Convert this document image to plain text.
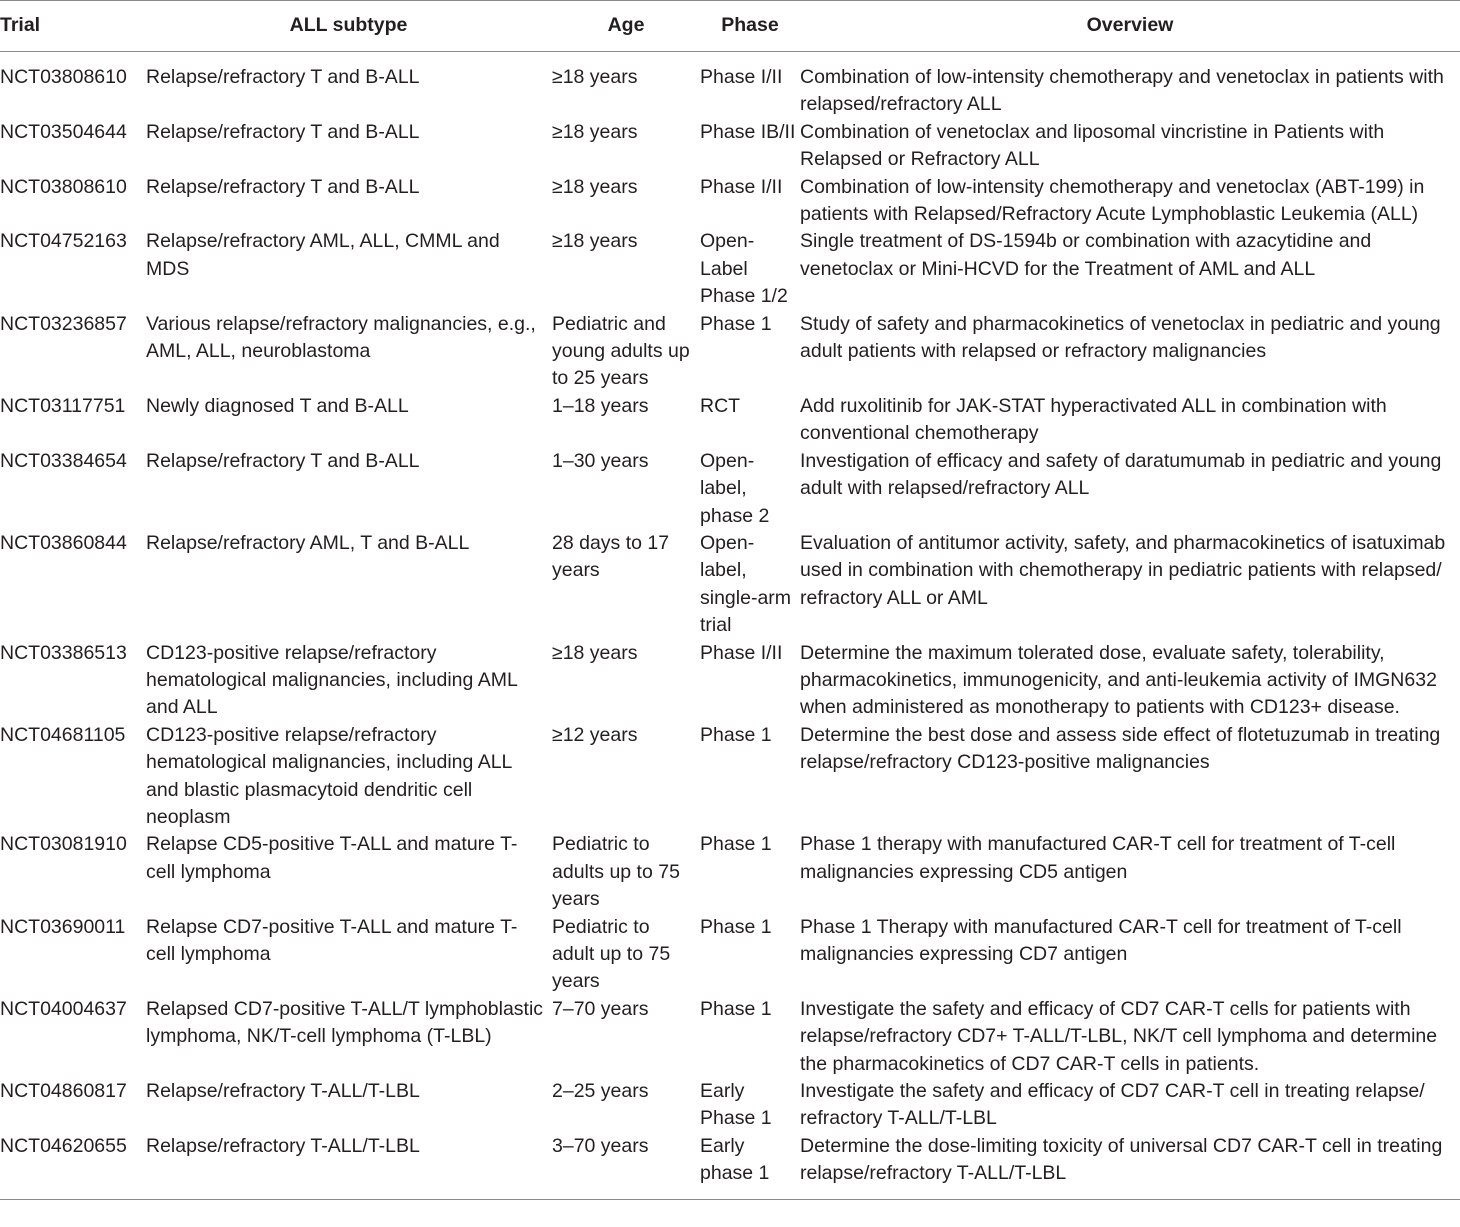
Trial	ALL subtype	Age	Phase	Overview
NCT03808610	Relapse/refractory T and B-ALL	≥18 years	Phase I/II	Combination of low-intensity chemotherapy and venetoclax in patients with relapsed/refractory ALL
NCT03504644	Relapse/refractory T and B-ALL	≥18 years	Phase IB/II	Combination of venetoclax and liposomal vincristine in Patients with Relapsed or Refractory ALL
NCT03808610	Relapse/refractory T and B-ALL	≥18 years	Phase I/II	Combination of low-intensity chemotherapy and venetoclax (ABT-199) in patients with Relapsed/Refractory Acute Lymphoblastic Leukemia (ALL)
NCT04752163	Relapse/refractory AML, ALL, CMML and MDS	≥18 years	Open-Label Phase 1/2	Single treatment of DS-1594b or combination with azacytidine and venetoclax or Mini-HCVD for the Treatment of AML and ALL
NCT03236857	Various relapse/refractory malignancies, e.g., AML, ALL, neuroblastoma	Pediatric and young adults up to 25 years	Phase 1	Study of safety and pharmacokinetics of venetoclax in pediatric and young adult patients with relapsed or refractory malignancies
NCT03117751	Newly diagnosed T and B-ALL	1–18 years	RCT	Add ruxolitinib for JAK-STAT hyperactivated ALL in combination with conventional chemotherapy
NCT03384654	Relapse/refractory T and B-ALL	1–30 years	Open-label, phase 2	Investigation of efficacy and safety of daratumumab in pediatric and young adult with relapsed/refractory ALL
NCT03860844	Relapse/refractory AML, T and B-ALL	28 days to 17 years	Open-label, single-arm trial	Evaluation of antitumor activity, safety, and pharmacokinetics of isatuximab used in combination with chemotherapy in pediatric patients with relapsed/ refractory ALL or AML
NCT03386513	CD123-positive relapse/refractory hematological malignancies, including AML and ALL	≥18 years	Phase I/II	Determine the maximum tolerated dose, evaluate safety, tolerability, pharmacokinetics, immunogenicity, and anti-leukemia activity of IMGN632 when administered as monotherapy to patients with CD123+ disease.
NCT04681105	CD123-positive relapse/refractory hematological malignancies, including ALL and blastic plasmacytoid dendritic cell neoplasm	≥12 years	Phase 1	Determine the best dose and assess side effect of flotetuzumab in treating relapse/refractory CD123-positive malignancies
NCT03081910	Relapse CD5-positive T-ALL and mature T-cell lymphoma	Pediatric to adults up to 75 years	Phase 1	Phase 1 therapy with manufactured CAR-T cell for treatment of T-cell malignancies expressing CD5 antigen
NCT03690011	Relapse CD7-positive T-ALL and mature T-cell lymphoma	Pediatric to adult up to 75 years	Phase 1	Phase 1 Therapy with manufactured CAR-T cell for treatment of T-cell malignancies expressing CD7 antigen
NCT04004637	Relapsed CD7-positive T-ALL/T lymphoblastic lymphoma, NK/T-cell lymphoma (T-LBL)	7–70 years	Phase 1	Investigate the safety and efficacy of CD7 CAR-T cells for patients with relapse/refractory CD7+ T-ALL/T-LBL, NK/T cell lymphoma and determine the pharmacokinetics of CD7 CAR-T cells in patients.
NCT04860817	Relapse/refractory T-ALL/T-LBL	2–25 years	Early Phase 1	Investigate the safety and efficacy of CD7 CAR-T cell in treating relapse/ refractory T-ALL/T-LBL
NCT04620655	Relapse/refractory T-ALL/T-LBL	3–70 years	Early phase 1	Determine the dose-limiting toxicity of universal CD7 CAR-T cell in treating relapse/refractory T-ALL/T-LBL
